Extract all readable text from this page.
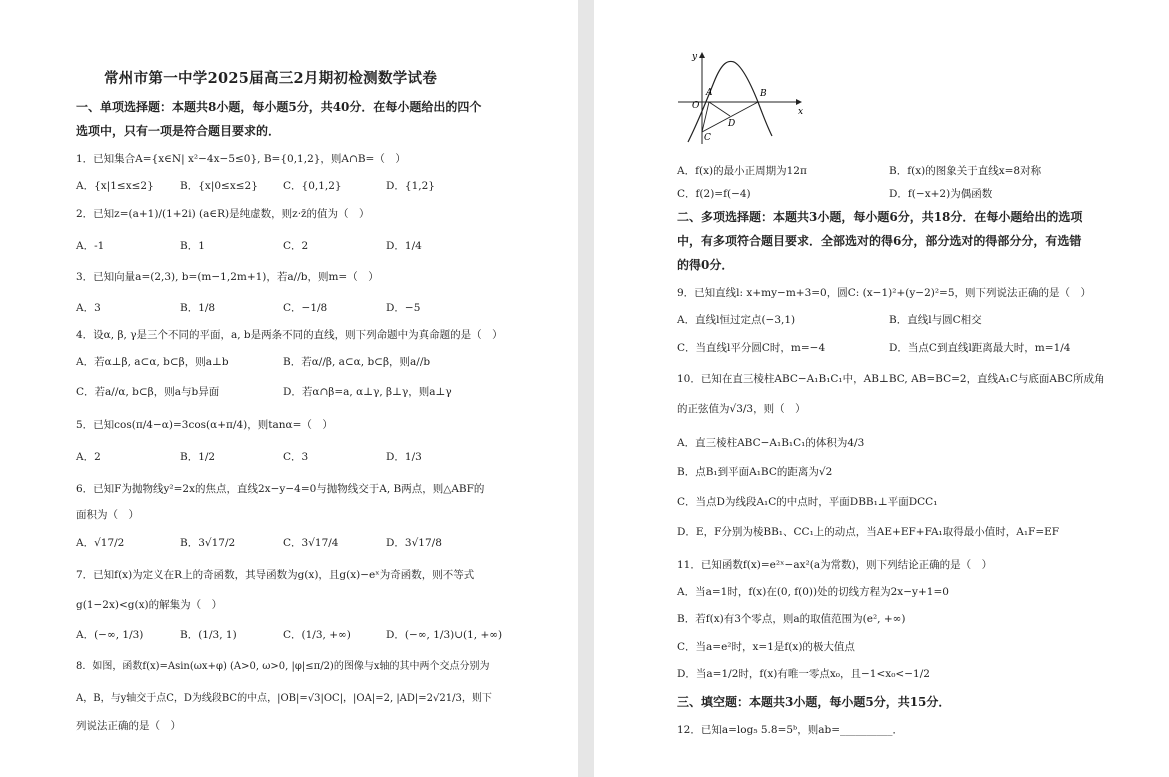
常州市第一中学2025届高三2月期初检测数学试卷
一、单项选择题：本题共8小题，每小题5分，共40分．在每小题给出的四个
选项中，只有一项是符合题目要求的．
1．已知集合A={x∈N| x²−4x−5≤0}, B={0,1,2}，则A∩B=（　）
A．{x|1≤x≤2} B．{x|0≤x≤2} C．{0,1,2}	D．{1,2}
2．已知z=(a+1)/(1+2i) (a∈R)是纯虚数，则z·z̄的值为（　）
A．-1	B．1	C．2	D．1/4
3．已知向量a=(2,3), b=(m−1,2m+1)，若a//b，则m=（　）
A．3	B．1/8	C．−1/8	D．−5
4．设α, β, γ是三个不同的平面，a, b是两条不同的直线，则下列命题中为真命题的是（　）
A．若α⊥β, a⊂α, b⊂β，则a⊥b	B．若α//β, a⊂α, b⊂β，则a//b
C．若a//α, b⊂β，则a与b异面	D．若α∩β=a, α⊥γ, β⊥γ，则a⊥γ
5．已知cos(π/4−α)=3cos(α+π/4)，则tanα=（　）
A．2	B．1/2	C．3	D．1/3
6．已知F为抛物线y²=2x的焦点，直线2x−y−4=0与抛物线交于A, B两点，则△ABF的
面积为（　）
A．√17/2	B．3√17/2	C．3√17/4	D．3√17/8
7．已知f(x)为定义在R上的奇函数，其导函数为g(x)，且g(x)−eˣ为奇函数，则不等式
g(1−2x)<g(x)的解集为（　）
A．(−∞, 1/3)	B．(1/3, 1)	C．(1/3, +∞)	D．(−∞, 1/3)∪(1, +∞)
8．如图，函数f(x)=Asin(ωx+φ) (A>0, ω>0, |φ|≤π/2)的图像与x轴的其中两个交点分别为
A，B，与y轴交于点C，D为线段BC的中点，|OB|=√3|OC|，|OA|=2, |AD|=2√21/3，则下
列说法正确的是（　）
y
x
O
A	B
C
D
A．f(x)的最小正周期为12π	B．f(x)的图象关于直线x=8对称
C．f(2)=f(−4)	D．f(−x+2)为偶函数
二、多项选择题：本题共3小题，每小题6分，共18分．在每小题给出的选项
中，有多项符合题目要求．全部选对的得6分，部分选对的得部分分，有选错
的得0分．
9．已知直线l: x+my−m+3=0，圆C: (x−1)²+(y−2)²=5，则下列说法正确的是（　）
A．直线l恒过定点(−3,1)	B．直线l与圆C相交
C．当直线l平分圆C时，m=−4	D．当点C到直线l距离最大时，m=1/4
10．已知在直三棱柱ABC−A₁B₁C₁中，AB⊥BC, AB=BC=2，直线A₁C与底面ABC所成角
的正弦值为√3/3，则（　）
A．直三棱柱ABC−A₁B₁C₁的体积为4/3
B．点B₁到平面A₁BC的距离为√2
C．当点D为线段A₁C的中点时，平面DBB₁⊥平面DCC₁
D．E，F分别为棱BB₁、CC₁上的动点，当AE+EF+FA₁取得最小值时，A₁F=EF
11．已知函数f(x)=e²ˣ−ax²(a为常数)，则下列结论正确的是（　）
A．当a=1时，f(x)在(0, f(0))处的切线方程为2x−y+1=0
B．若f(x)有3个零点，则a的取值范围为(e², +∞)
C．当a=e²时，x=1是f(x)的极大值点
D．当a=1/2时，f(x)有唯一零点x₀，且−1<x₀<−1/2
三、填空题：本题共3小题，每小题5分，共15分．
12．已知a=log₅ 5.8=5ᵇ，则ab=__________．
